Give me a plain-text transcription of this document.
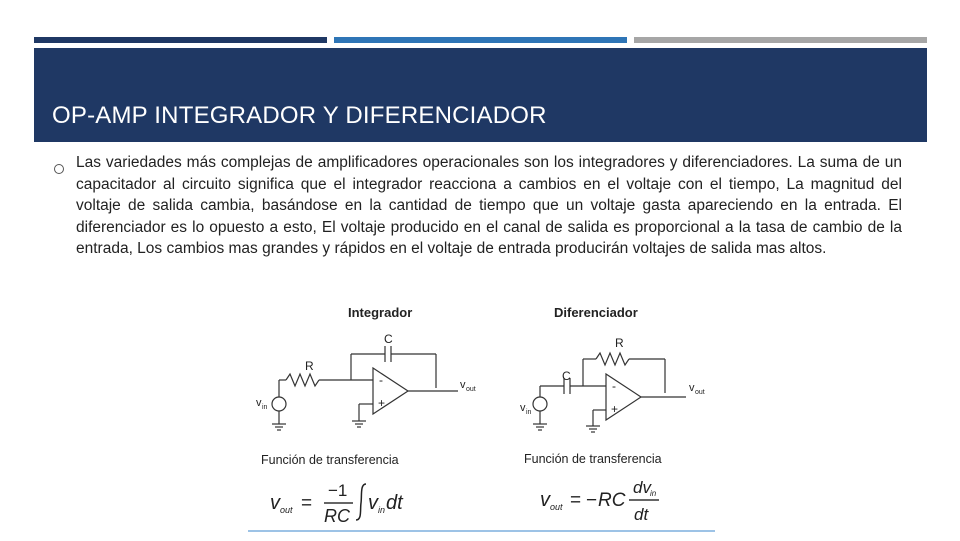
OP-AMP INTEGRADOR Y DIFERENCIADOR
Las variedades más complejas de amplificadores operacionales son los integradores y diferenciadores. La suma de un capacitador al circuito significa que el integrador reacciona a cambios en el voltaje con el tiempo, La magnitud del voltaje de salida cambia, basándose en la cantidad de tiempo que un voltaje gasta apareciendo en la entrada. El diferenciador es lo opuesto a esto, El voltaje producido en el canal de salida es proporcional a la tasa de cambio de la entrada, Los cambios mas grandes y rápidos en el voltaje de entrada producirán voltajes de salida mas altos.
Integrador
C
R
v in
v out
-
+
Función de transferencia
Diferenciador
C
R
v in
v out
-
+
Función de transferencia
v out =
−1
RC
v in dt	v out = − RC
dv in
dt
